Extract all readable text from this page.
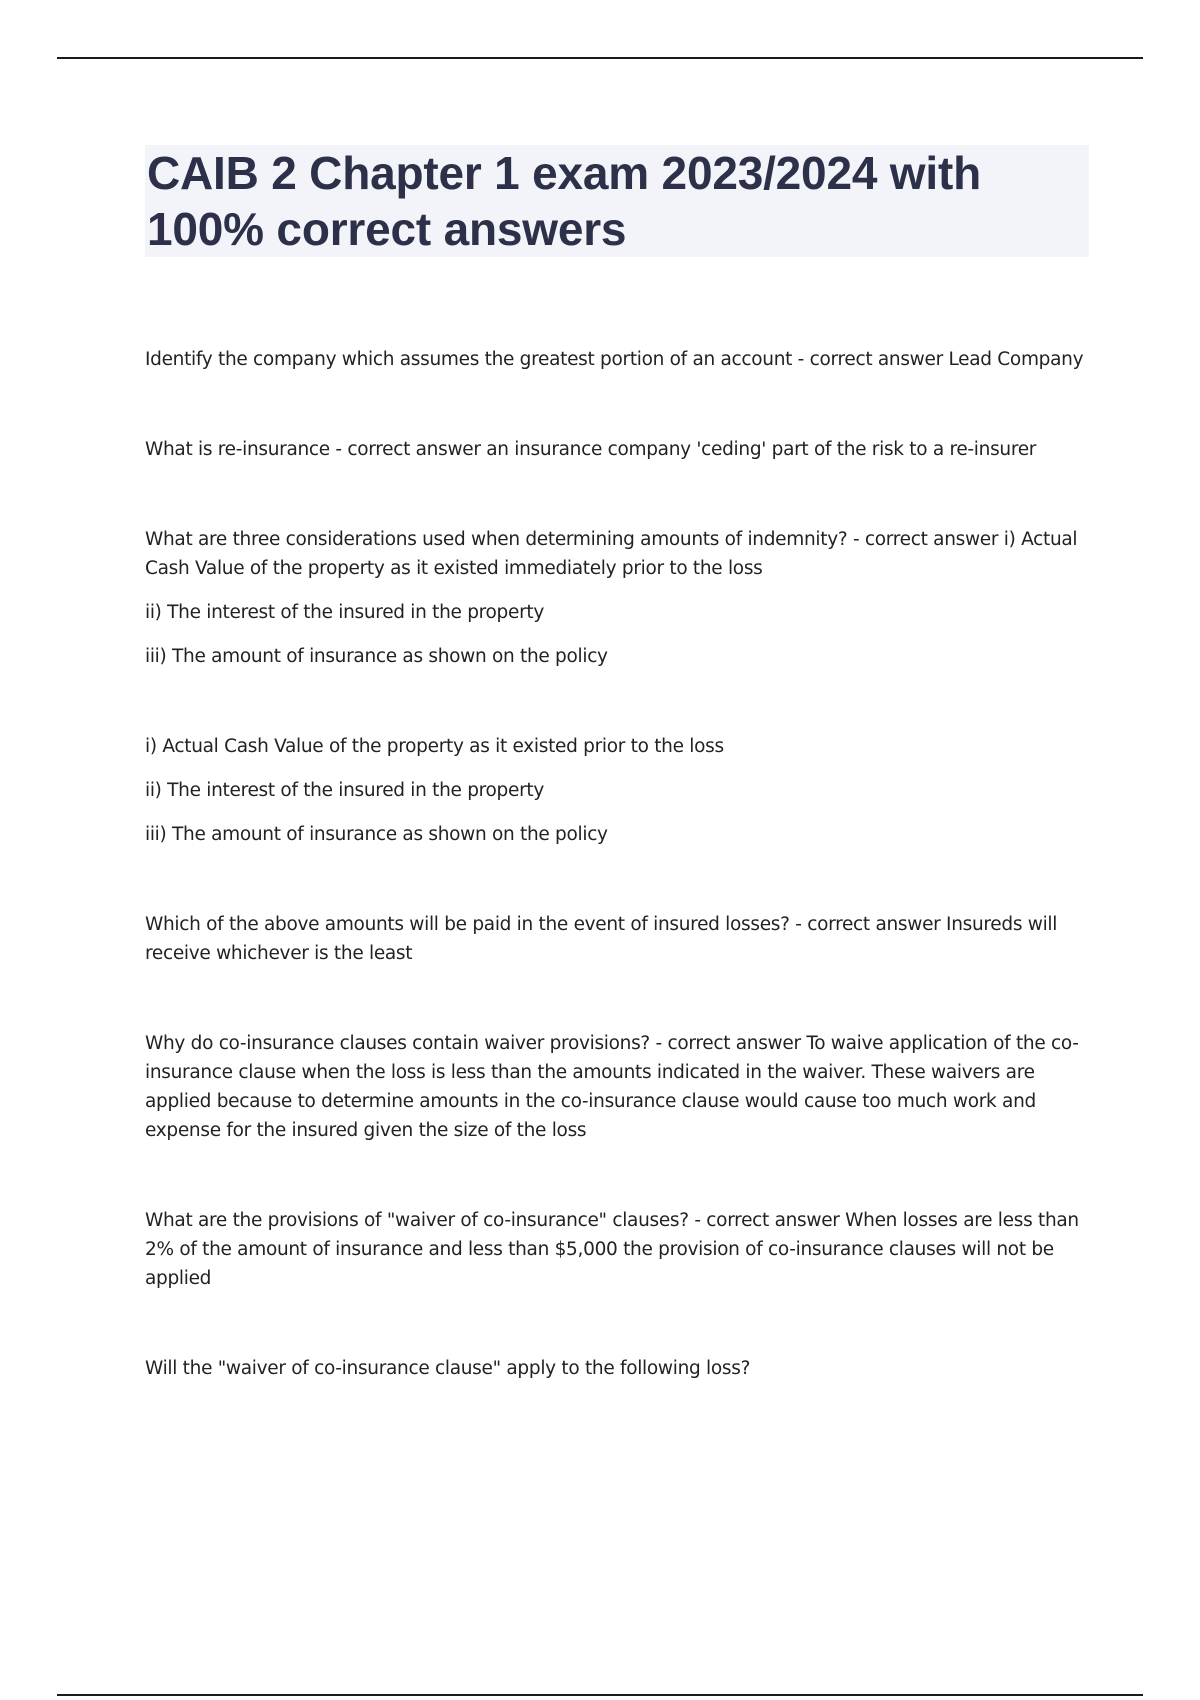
CAIB 2 Chapter 1 exam 2023/2024 with 100% correct answers

Identify the company which assumes the greatest portion of an account - correct answer Lead Company

What is re-insurance - correct answer an insurance company 'ceding' part of the risk to a re-insurer

What are three considerations used when determining amounts of indemnity? - correct answer i) Actual Cash Value of the property as it existed immediately prior to the loss

ii) The interest of the insured in the property

iii) The amount of insurance as shown on the policy

i) Actual Cash Value of the property as it existed prior to the loss

ii) The interest of the insured in the property

iii) The amount of insurance as shown on the policy

Which of the above amounts will be paid in the event of insured losses? - correct answer Insureds will receive whichever is the least

Why do co-insurance clauses contain waiver provisions? - correct answer To waive application of the co-insurance clause when the loss is less than the amounts indicated in the waiver. These waivers are applied because to determine amounts in the co-insurance clause would cause too much work and expense for the insured given the size of the loss

What are the provisions of "waiver of co-insurance" clauses? - correct answer When losses are less than 2% of the amount of insurance and less than $5,000 the provision of co-insurance clauses will not be applied

Will the "waiver of co-insurance clause" apply to the following loss?
